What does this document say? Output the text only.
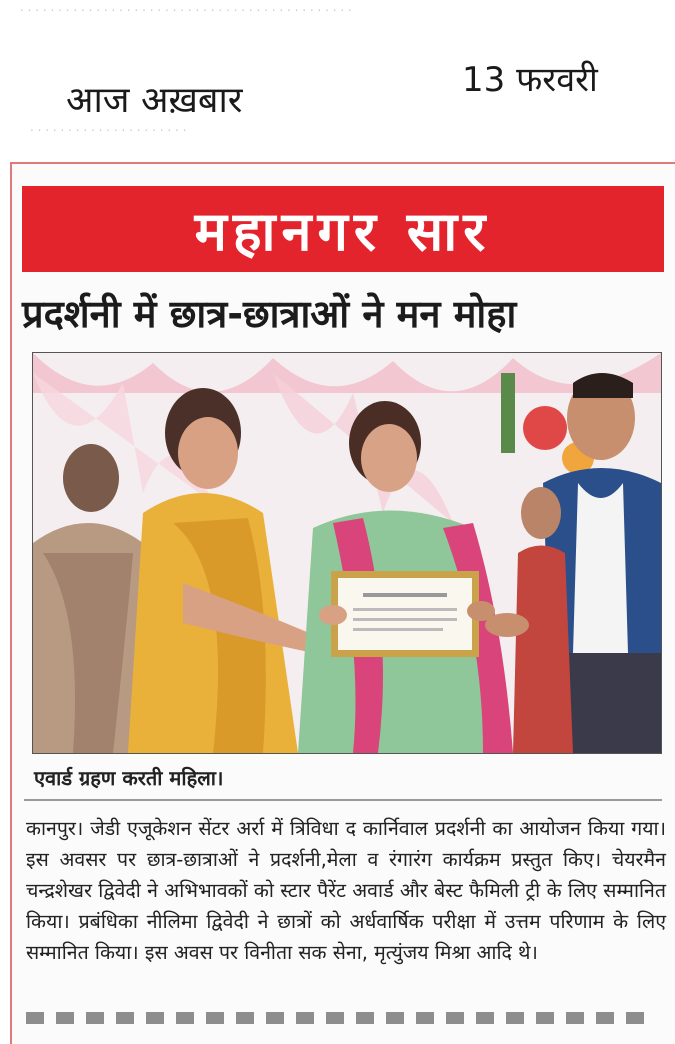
. . . . . . . . . . . . . . . . . . . . . . . . . . . . . . . . . . . . . . . . . . . .
. . . . . . . . . . . . . . . . . . . . .
आज अख़बार	13 फरवरी
महानगर सार
प्रदर्शनी में छात्र-छात्राओं ने मन मोहा
एवार्ड ग्रहण करती महिला।
कानपुर। जेडी एजूकेशन सेंटर अर्रा में त्रिविधा द कार्निवाल प्रदर्शनी का आयोजन किया गया। इस अवसर पर छात्र-छात्राओं ने प्रदर्शनी,मेला व रंगारंग कार्यक्रम प्रस्तुत किए। चेयरमैन चन्द्रशेखर द्विवेदी ने अभिभावकों को स्टार पैरेंट अवार्ड और बेस्ट फैमिली ट्री के लिए सम्मानित किया। प्रबंधिका नीलिमा द्विवेदी ने छात्रों को अर्धवार्षिक परीक्षा में उत्तम परिणाम के लिए सम्मानित किया। इस अवस पर विनीता सक सेना, मृत्युंजय मिश्रा आदि थे।
